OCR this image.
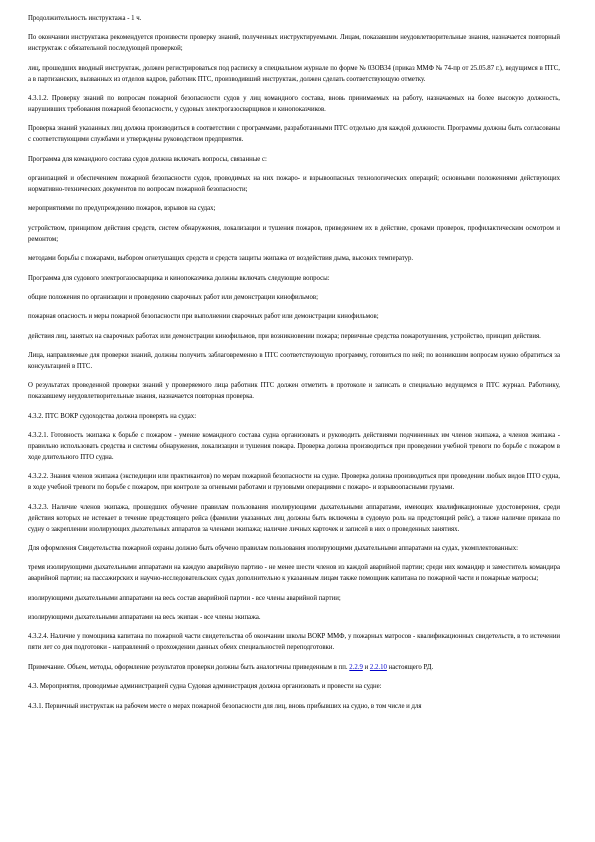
Продолжительность инструктажа - 1 ч.

По окончании инструктажа рекомендуется произвести проверку знаний, полученных инструктируемыми. Лицам, показавшим неудовлетворительные знания, назначается повторный инструктаж с обязательной последующей проверкой;

лиц, прошедших вводный инструктаж, должен регистрироваться под расписку в специальном журнале по форме № 03ОВ34 (приказ ММФ № 74-пр от 25.05.87 г.), ведущимся в ПТС, а в партизанских, вызванных из отделов кадров, работник ПТС, производивший инструктаж, должен сделать соответствующую отметку.

4.3.1.2. Проверку знаний по вопросам пожарной безопасности судов у лиц командного состава, вновь принимаемых на работу, назначаемых на более высокую должность, нарушивших требования пожарной безопасности, у судовых электрогазосварщиков и кинопоказчиков.

Проверка знаний указанных лиц должна производиться в соответствии с программами, разработанными ПТС отдельно для каждой должности. Программы должны быть согласованы с соответствующими службами и утверждены руководством предприятия.

Программа для командного состава судов должна включать вопросы, связанные с:

организацией и обеспечением пожарной безопасности судов, проводимых на них пожаро- и взрывоопасных технологических операций; основными положениями действующих нормативно-технических документов по вопросам пожарной безопасности;

мероприятиями по предупреждению пожаров, взрывов на судах;

устройством, принципом действия средств, систем обнаружения, локализации и тушения пожаров, приведением их в действие, сроками проверок, профилактическим осмотром и ремонтом;

методами борьбы с пожарами, выбором огнетушащих средств и средств защиты экипажа от воздействия дыма, высоких температур.

Программа для судового электрогазосварщика и кинопоказчика должны включать следующие вопросы:

общие положения по организации и проведению сварочных работ или демонстрации кинофильмов;

пожарная опасность и меры пожарной безопасности при выполнении сварочных работ или демонстрации кинофильмов;

действия лиц, занятых на сварочных работах или демонстрации кинофильмов, при возникновении пожара; первичные средства пожаротушения, устройство, принцип действия.

Лица, направляемые для проверки знаний, должны получить заблаговременно в ПТС соответствующую программу, готовиться по ней; по возникшим вопросам нужно обратиться за консультацией в ПТС.

О результатах проведенной проверки знаний у проверяемого лица работник ПТС должен отметить в протоколе и записать в специально ведущемся в ПТС журнал. Работнику, показавшему неудовлетворительные знания, назначается повторная проверка.

4.3.2. ПТС ВОКР судоходства должна проверять на судах:

4.3.2.1. Готовность экипажа к борьбе с пожаром - умение командного состава судна организовать и руководить действиями подчиненных им членов экипажа, а членов экипажа - правильно использовать средства и системы обнаружения, локализации и тушения пожара. Проверка должна производиться при проведении учебной тревоги по борьбе с пожаром в ходе длительного ПТО судна.

4.3.2.2. Знания членов экипажа (экспедиции или практикантов) по мерам пожарной безопасности на судне. Проверка должна производиться при проведении любых видов ПТО судна, в ходе учебной тревоги по борьбе с пожаром, при контроле за огневыми работами и грузовыми операциями с пожаро- и взрывоопасными грузами.

4.3.2.3. Наличие членов экипажа, прошедших обучение правилам пользования изолирующими дыхательными аппаратами, имеющих квалификационные удостоверения, среди действия которых не истекает в течение предстоящего рейса (фамилии указанных лиц должны быть включены в судовую роль на предстоящий рейс), а также наличие приказа по судну о закреплении изолирующих дыхательных аппаратов за членами экипажа; наличие личных карточек и записей в них о проведенных занятиях.

Для оформления Свидетельства пожарной охраны должно быть обучено правилам пользования изолирующими дыхательными аппаратами на судах, укомплектованных:

тремя изолирующими дыхательными аппаратами на каждую аварийную партию - не менее шести членов из каждой аварийной партии; среди них командир и заместитель командира аварийной партии; на пассажирских и научно-исследовательских судах дополнительно к указанным лицам также помощник капитана по пожарной части и пожарные матросы;

изолирующими дыхательными аппаратами на весь состав аварийной партии - все члены аварийной партии;

изолирующими дыхательными аппаратами на весь экипаж - все члены экипажа.

4.3.2.4. Наличие у помощника капитана по пожарной части свидетельства об окончании школы ВОКР ММФ, у пожарных матросов - квалификационных свидетельств, в то истечении пяти лет со дня подготовки - направлений о прохождении данных обеих специальностей переподготовки.

Примечание. Объем, методы, оформление результатов проверки должны быть аналогичны приведенным в пп. 2.2.9 и 2.2.10 настоящего РД.

4.3. Мероприятия, проводимые администрацией судна Судовая администрация должна организовать и провести на судне:

4.3.1. Первичный инструктаж на рабочем месте о мерах пожарной безопасности для лиц, вновь прибывших на судно, в том числе и для
